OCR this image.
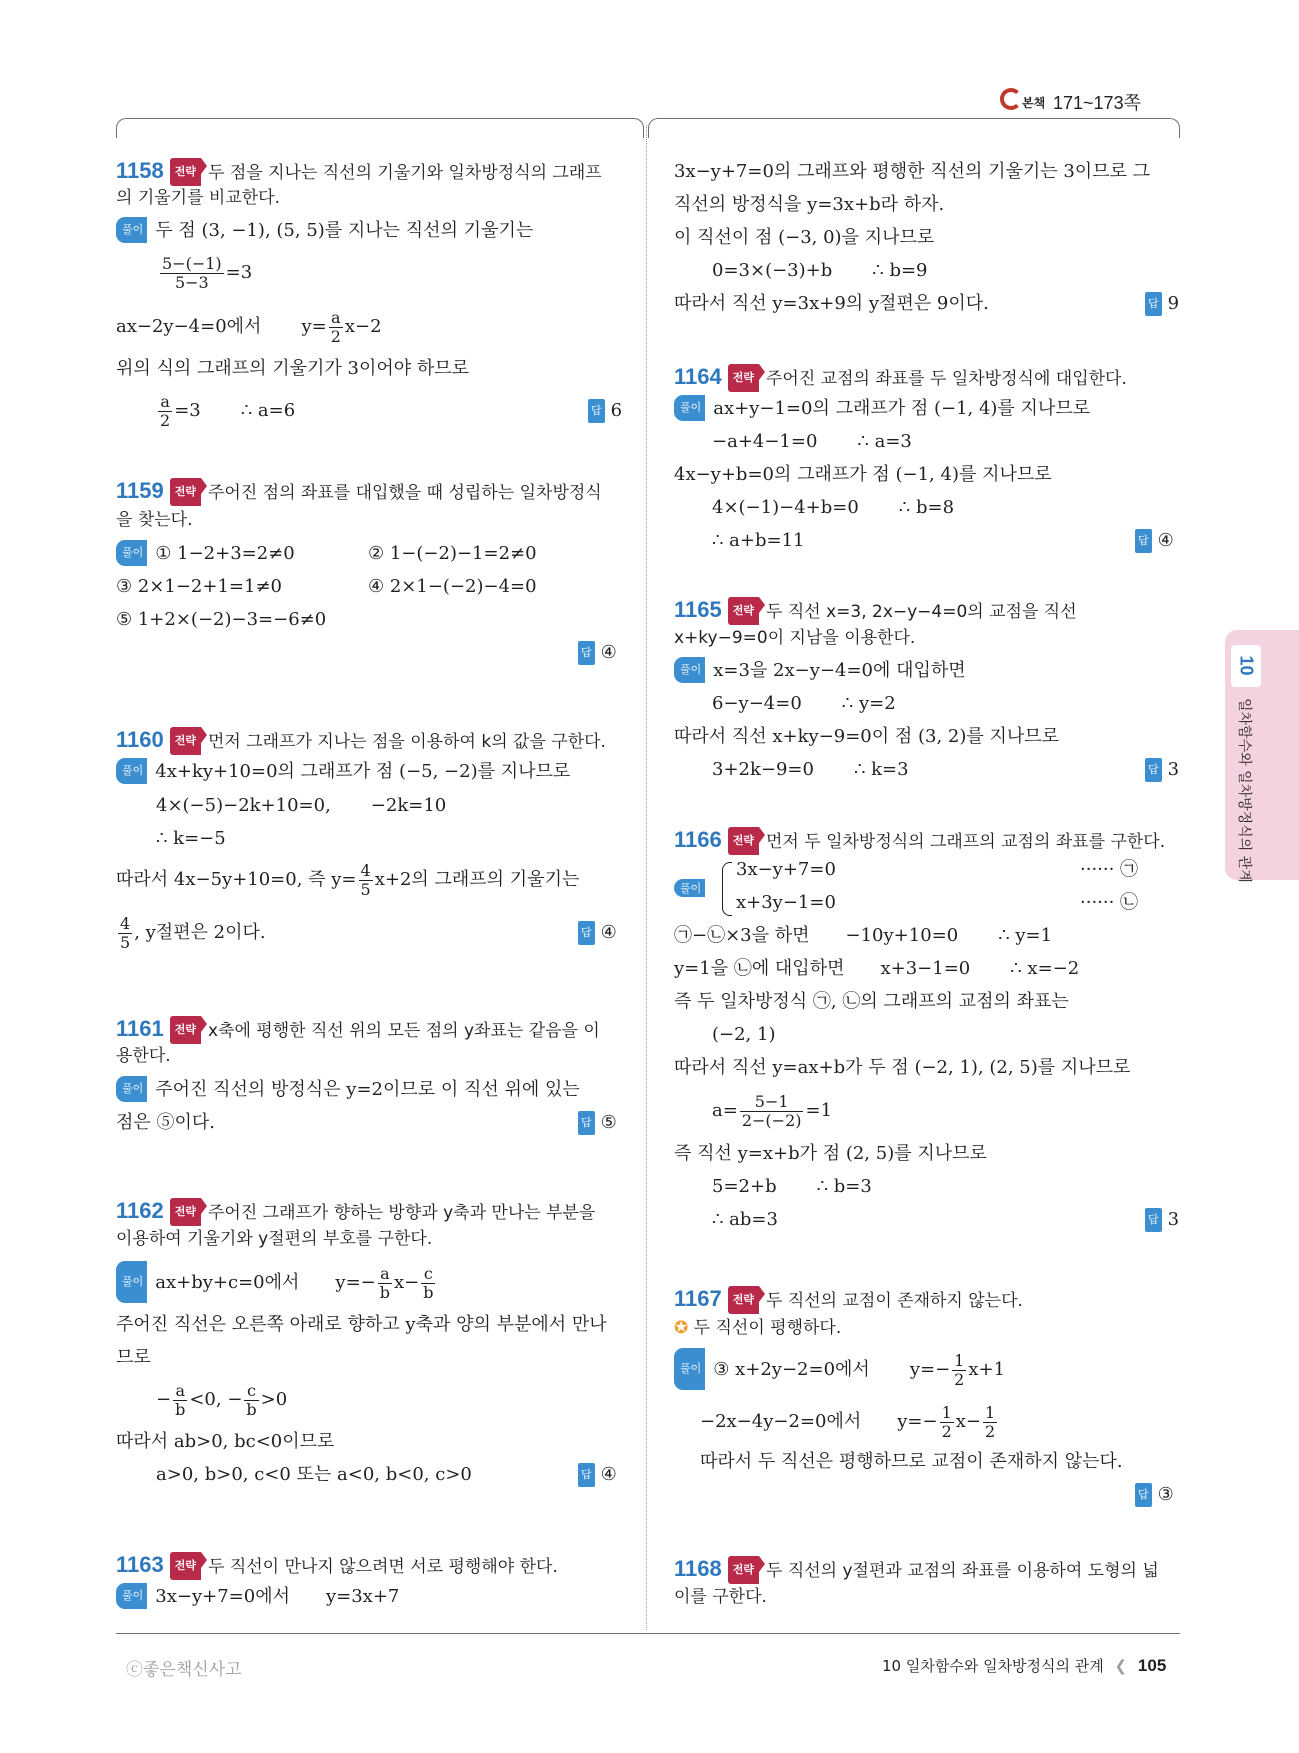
본책 171~173쪽
10
일차함수와 일차방정식의 관계
1158 전략 두 점을 지나는 직선의 기울기와 일차방정식의 그래프
의 기울기를 비교한다.
풀이 두 점 (3, −1), (5, 5)를 지나는 직선의 기울기는
$\frac{5-(-1)}{5-3} =3$
ax−2y−4=0에서 $y= \frac{a}{2} x-2$
위의 식의 그래프의 기울기가 3이어야 하므로
$\frac{a}{2} =3$ ∴ a=6	답 6
1159 전략 주어진 점의 좌표를 대입했을 때 성립하는 일차방정식
을 찾는다.
풀이 ① 1−2+3=2≠0	② 1−(−2)−1=2≠0
③ 2×1−2+1=1≠0	④ 2×1−(−2)−4=0
⑤ 1+2×(−2)−3=−6≠0
답 ④
1160 전략 먼저 그래프가 지나는 점을 이용하여 k의 값을 구한다.
풀이 4x+ky+10=0의 그래프가 점 (−5, −2)를 지나므로
4×(−5)−2k+10=0, −2k=10
∴ k=−5
따라서 4x−5y+10=0, 즉 $y= \frac{4}{5} x+2$의 그래프의 기울기는
$\frac{4}{5}$ , y절편은 2이다.	답 ④
1161 전략 x축에 평행한 직선 위의 모든 점의 y좌표는 같음을 이
용한다.
풀이 주어진 직선의 방정식은 y=2이므로 이 직선 위에 있는
점은 ⑤이다.	답 ⑤
1162 전략 주어진 그래프가 향하는 방향과 y축과 만나는 부분을
이용하여 기울기와 y절편의 부호를 구한다.
풀이 ax+by+c=0에서 $y=- \frac{a}{b} x- \frac{c}{b}$
주어진 직선은 오른쪽 아래로 향하고 y축과 양의 부분에서 만나
므로
− $\frac{a}{b} <0$, − $\frac{c}{b} >0$
따라서 ab>0, bc<0이므로
a>0, b>0, c<0 또는 a<0, b<0, c>0	답 ④
1163 전략 두 직선이 만나지 않으려면 서로 평행해야 한다.
풀이 3x−y+7=0에서 y=3x+7
3x−y+7=0의 그래프와 평행한 직선의 기울기는 3이므로 그
직선의 방정식을 y=3x+b라 하자.
이 직선이 점 (−3, 0)을 지나므로
0=3×(−3)+b ∴ b=9
따라서 직선 y=3x+9의 y절편은 9이다.	답 9
1164 전략 주어진 교점의 좌표를 두 일차방정식에 대입한다.
풀이 ax+y−1=0의 그래프가 점 (−1, 4)를 지나므로
−a+4−1=0 ∴ a=3
4x−y+b=0의 그래프가 점 (−1, 4)를 지나므로
4×(−1)−4+b=0 ∴ b=8
∴ a+b=11	답 ④
1165 전략 두 직선 x=3, 2x−y−4=0의 교점을 직선
x+ky−9=0이 지남을 이용한다.
풀이 x=3을 2x−y−4=0에 대입하면
6−y−4=0 ∴ y=2
따라서 직선 x+ky−9=0이 점 (3, 2)를 지나므로
3+2k−9=0 ∴ k=3	답 3
1166 전략 먼저 두 일차방정식의 그래프의 교점의 좌표를 구한다.
풀이
3x−y+7=0	······ ㉠
x+3y−1=0	······ ㉡
㉠−㉡×3을 하면 −10y+10=0 ∴ y=1
y=1을 ㉡에 대입하면 x+3−1=0 ∴ x=−2
즉 두 일차방정식 ㉠, ㉡의 그래프의 교점의 좌표는
(−2, 1)
따라서 직선 y=ax+b가 두 점 (−2, 1), (2, 5)를 지나므로
$a= \frac{5-1}{2-(-2)} =1$
즉 직선 y=x+b가 점 (2, 5)를 지나므로
5=2+b ∴ b=3
∴ ab=3	답 3
1167 전략 두 직선의 교점이 존재하지 않는다.
✪ 두 직선이 평행하다.
풀이 ③ x+2y−2=0에서 $y=- \frac{1}{2} x+1$
−2x−4y−2=0에서 $y=- \frac{1}{2} x- \frac{1}{2}$
따라서 두 직선은 평행하므로 교점이 존재하지 않는다.
답 ③
1168 전략 두 직선의 y절편과 교점의 좌표를 이용하여 도형의 넓
이를 구한다.
ⓒ좋은책신사고	10 일차함수와 일차방정식의 관계 ❮ 105
